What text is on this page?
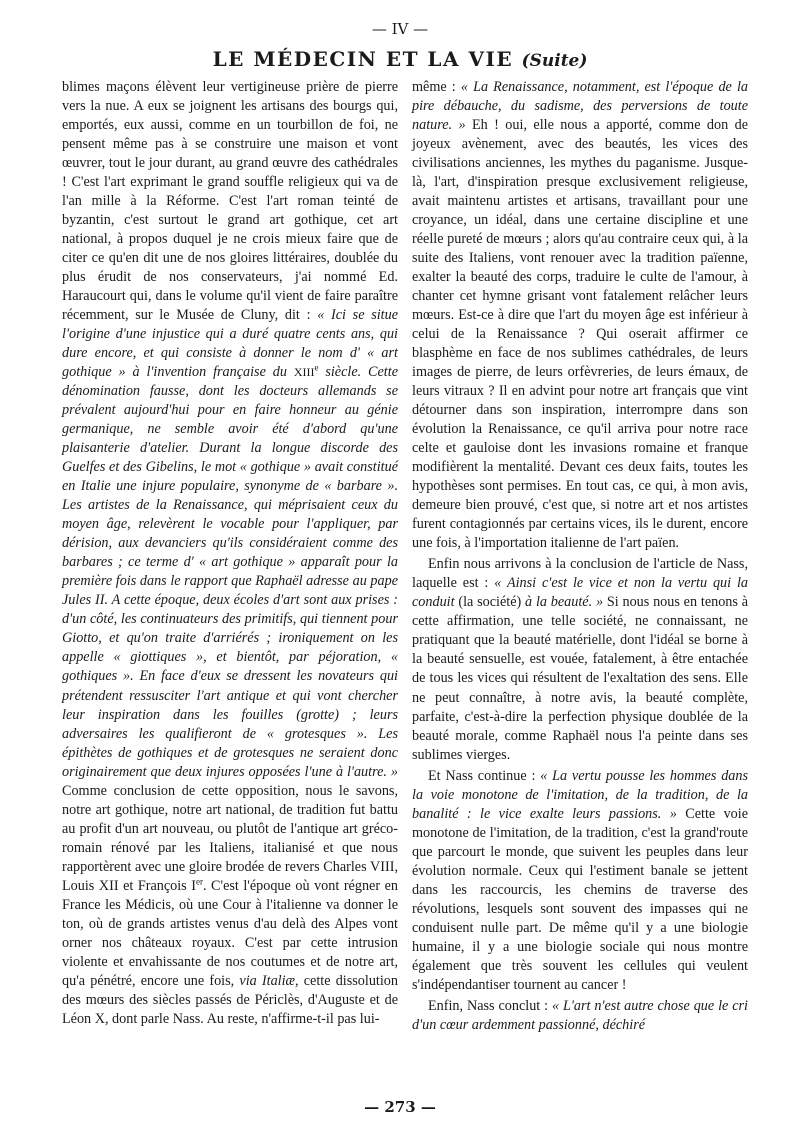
— IV —
LE MÉDECIN ET LA VIE (Suite)

blimes maçons élèvent leur vertigineuse prière de pierre vers la nue. A eux se joignent les artisans des bourgs qui, emportés, eux aussi, comme en un tourbillon de foi, ne pensent même pas à se construire une maison et vont œuvrer, tout le jour durant, au grand œuvre des cathédrales ! C'est l'art exprimant le grand souffle religieux qui va de l'an mille à la Réforme. C'est l'art roman teinté de byzantin, c'est surtout le grand art gothique, cet art national, à propos duquel je ne crois mieux faire que de citer ce qu'en dit une de nos gloires littéraires, doublée du plus érudit de nos conservateurs, j'ai nommé Ed. Haraucourt qui, dans le volume qu'il vient de faire paraître récemment, sur le Musée de Cluny, dit : « Ici se situe l'origine d'une injustice qui a duré quatre cents ans, qui dure encore, et qui consiste à donner le nom d' « art gothique » à l'invention française du XIIIe siècle. Cette dénomination fausse, dont les docteurs allemands se prévalent aujourd'hui pour en faire honneur au génie germanique, ne semble avoir été d'abord qu'une plaisanterie d'atelier. Durant la longue discorde des Guelfes et des Gibelins, le mot « gothique » avait constitué en Italie une injure populaire, synonyme de « barbare ». Les artistes de la Renaissance, qui méprisaient ceux du moyen âge, relevèrent le vocable pour l'appliquer, par dérision, aux devanciers qu'ils considéraient comme des barbares ; ce terme d' « art gothique » apparaît pour la première fois dans le rapport que Raphaël adresse au pape Jules II. A cette époque, deux écoles d'art sont aux prises : d'un côté, les continuateurs des primitifs, qui tiennent pour Giotto, et qu'on traite d'arriérés ; ironiquement on les appelle « giottiques », et bientôt, par péjoration, « gothiques ». En face d'eux se dressent les novateurs qui prétendent ressusciter l'art antique et qui vont chercher leur inspiration dans les fouilles (grotte) ; leurs adversaires les qualifieront de « grotesques ». Les épithètes de gothiques et de grotesques ne seraient donc originairement que deux injures opposées l'une à l'autre. » Comme conclusion de cette opposition, nous le savons, notre art gothique, notre art national, de tradition fut battu au profit d'un art nouveau, ou plutôt de l'antique art gréco-romain rénové par les Italiens, italianisé et que nous rapportèrent avec une gloire brodée de revers Charles VIII, Louis XII et François Ier. C'est l'époque où vont régner en France les Médicis, où une Cour à l'italienne va donner le ton, où de grands artistes venus d'au delà des Alpes vont orner nos châteaux royaux. C'est par cette intrusion violente et envahissante de nos coutumes et de notre art, qu'a pénétré, encore une fois, via Italiæ, cette dissolution des mœurs des siècles passés de Périclès, d'Auguste et de Léon X, dont parle Nass. Au reste, n'affirme-t-il pas lui-

même : « La Renaissance, notamment, est l'époque de la pire débauche, du sadisme, des perversions de toute nature. » Eh ! oui, elle nous a apporté, comme don de joyeux avènement, avec des beautés, les vices des civilisations anciennes, les mythes du paganisme. Jusque-là, l'art, d'inspiration presque exclusivement religieuse, avait maintenu artistes et artisans, travaillant pour une croyance, un idéal, dans une certaine discipline et une réelle pureté de mœurs ; alors qu'au contraire ceux qui, à la suite des Italiens, vont renouer avec la tradition païenne, exalter la beauté des corps, traduire le culte de l'amour, à chanter cet hymne grisant vont fatalement relâcher leurs mœurs. Est-ce à dire que l'art du moyen âge est inférieur à celui de la Renaissance ? Qui oserait affirmer ce blasphème en face de nos sublimes cathédrales, de leurs images de pierre, de leurs orfèvreries, de leurs émaux, de leurs vitraux ? Il en advint pour notre art français que vint détourner dans son inspiration, interrompre dans son évolution la Renaissance, ce qu'il arriva pour notre race celte et gauloise dont les invasions romaine et franque modifièrent la mentalité. Devant ces deux faits, toutes les hypothèses sont permises. En tout cas, ce qui, à mon avis, demeure bien prouvé, c'est que, si notre art et nos artistes furent contagionnés par certains vices, ils le durent, encore une fois, à l'importation italienne de l'art païen.

Enfin nous arrivons à la conclusion de l'article de Nass, laquelle est : « Ainsi c'est le vice et non la vertu qui la conduit (la société) à la beauté. » Si nous nous en tenons à cette affirmation, une telle société, ne connaissant, ne pratiquant que la beauté matérielle, dont l'idéal se borne à la beauté sensuelle, est vouée, fatalement, à être entachée de tous les vices qui résultent de l'exaltation des sens. Elle ne peut connaître, à notre avis, la beauté complète, parfaite, c'est-à-dire la perfection physique doublée de la beauté morale, comme Raphaël nous l'a peinte dans ses sublimes vierges.

Et Nass continue : « La vertu pousse les hommes dans la voie monotone de l'imitation, de la tradition, de la banalité : le vice exalte leurs passions. » Cette voie monotone de l'imitation, de la tradition, c'est la grand'route que parcourt le monde, que suivent les peuples dans leur évolution normale. Ceux qui l'estiment banale se jettent dans les raccourcis, les chemins de traverse des révolutions, lesquels sont souvent des impasses qui ne conduisent nulle part. De même qu'il y a une biologie humaine, il y a une biologie sociale qui nous montre également que très souvent les cellules qui veulent s'indépendantiser tournent au cancer !

Enfin, Nass conclut : « L'art n'est autre chose que le cri d'un cœur ardemment passionné, déchiré

— 273 —
